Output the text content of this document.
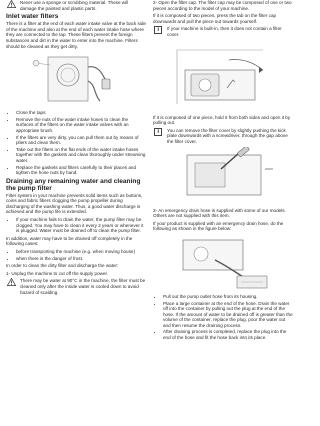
Never use a sponge or scrubbing material. These will damage the painted and plastic parts.
Inlet water filters

There is a filter at the end of each water intake valve at the back side of the machine and also at the end of each water intake hose where they are connected to the tap. These filters prevent the foreign substances and dirt in the water to enter into the machine. Filters should be cleaned as they get dirty.

• Close the taps.
• Remove the nuts of the water intake hoses to clean the surfaces of the filters on the water intake valves with an appropriate brush.
• If the filters are very dirty, you can pull them out by means of pliers and clean them.
• Take out the filters on the flat ends of the water intake hoses together with the gaskets and clean thoroughly under streaming water.
• Replace the gaskets and filters carefully to their places and tighten the hose nuts by hand.
Draining any remaining water and cleaning the pump filter

Filter system in your machine prevents solid items such as buttons, coins and fabric fibers clogging the pump propeller during discharging of the washing water. Thus, a good water discharge is achieved and the pump life is extended.

• If your machine fails to drain the water, the pump filter may be clogged. You may have to clean it every 2 years or whenever it is plugged. Water must be drained off to clean the pump filter.

In addition, water may have to be drained off completely in the following cases:

• before transporting the machine (e.g. when moving house)
• when there is the danger of frost.

In order to clean the dirty filter and discharge the water:

1- Unplug the machine to cut off the supply power.

There may be water at 90°C in the machine, the filter must be cleaned only after the inside water is cooled down to avoid hazard of scalding.

2- Open the filter cap. The filter cap may be composed of one or two pieces according to the model of your machine.

If it is composed of two pieces, press the tab on the filter cap downwards and pull the piece out towards yourself.

i If your machine is built-in, then it does not contain a filter cover.

If it is composed of one piece, hold it from both sides and open it by pulling out.

i You can remove the filter cover by slightly pushing the kick plate downwards with a screwdriver, through the gap above the filter cover.

3- An emergency drain hose is supplied with some of our models. Others are not supplied with this item.

If your product is supplied with an emergency drain hose, do the following as shown in the figure below:

• Pull out the pump outlet hose from its housing.
• Place a large container at the end of the hose. Drain the water off into the container by pulling out the plug at the end of the hose. If the amount of water to be drained off is greater than the volume of the container, replace the plug, pour the water out and then resume the draining process.
• After draining process is completed, replace the plug into the end of the hose and fit the hose back into its place.
